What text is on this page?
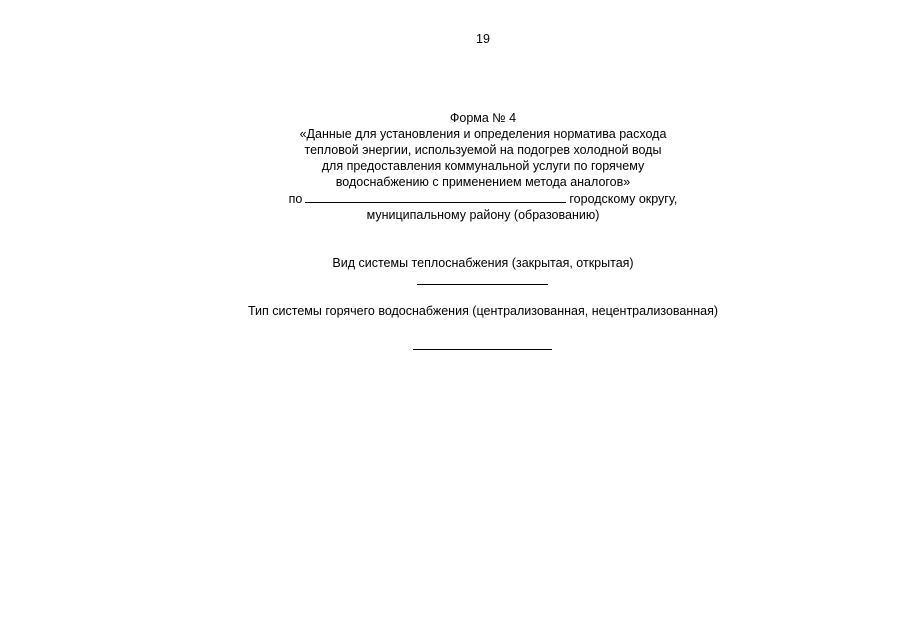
19
Форма № 4
«Данные для установления и определения норматива расхода
тепловой энергии, используемой на подогрев холодной воды
для предоставления коммунальной услуги по горячему
водоснабжению с применением метода аналогов»
по	городскому округу,
муниципальному району (образованию)
Вид системы теплоснабжения (закрытая, открытая)
Тип системы горячего водоснабжения (централизованная, нецентрализованная)
